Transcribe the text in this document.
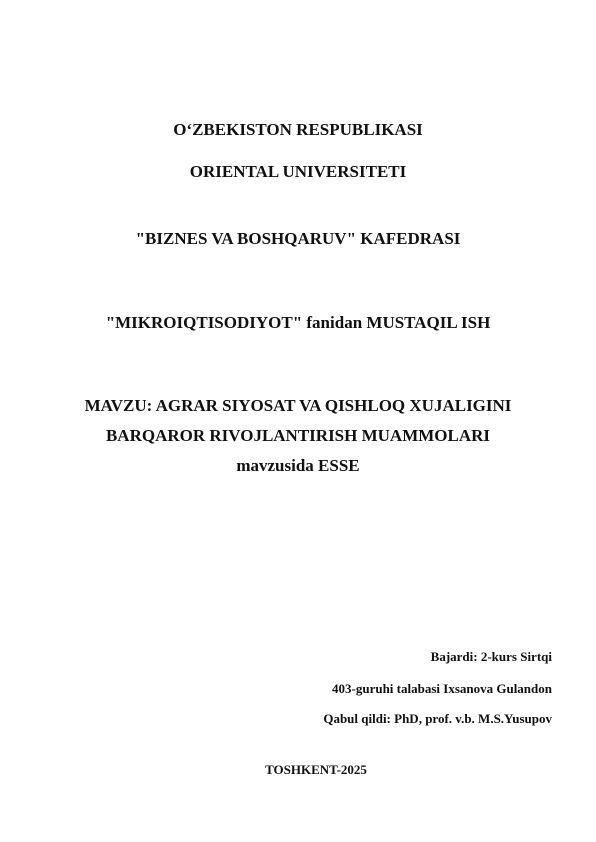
O‘ZBEKISTON RESPUBLIKASI
ORIENTAL UNIVERSITETI
"BIZNES VA BOSHQARUV" KAFEDRASI
"MIKROIQTISODIYOT" fanidan MUSTAQIL ISH
MAVZU: AGRAR SIYOSAT VA QISHLOQ XUJALIGINI
BARQAROR RIVOJLANTIRISH MUAMMOLARI
mavzusida ESSE
Bajardi: 2-kurs Sirtqi
403-guruhi talabasi Ixsanova Gulandon
Qabul qildi: PhD, prof. v.b. M.S.Yusupov
TOSHKENT-2025
